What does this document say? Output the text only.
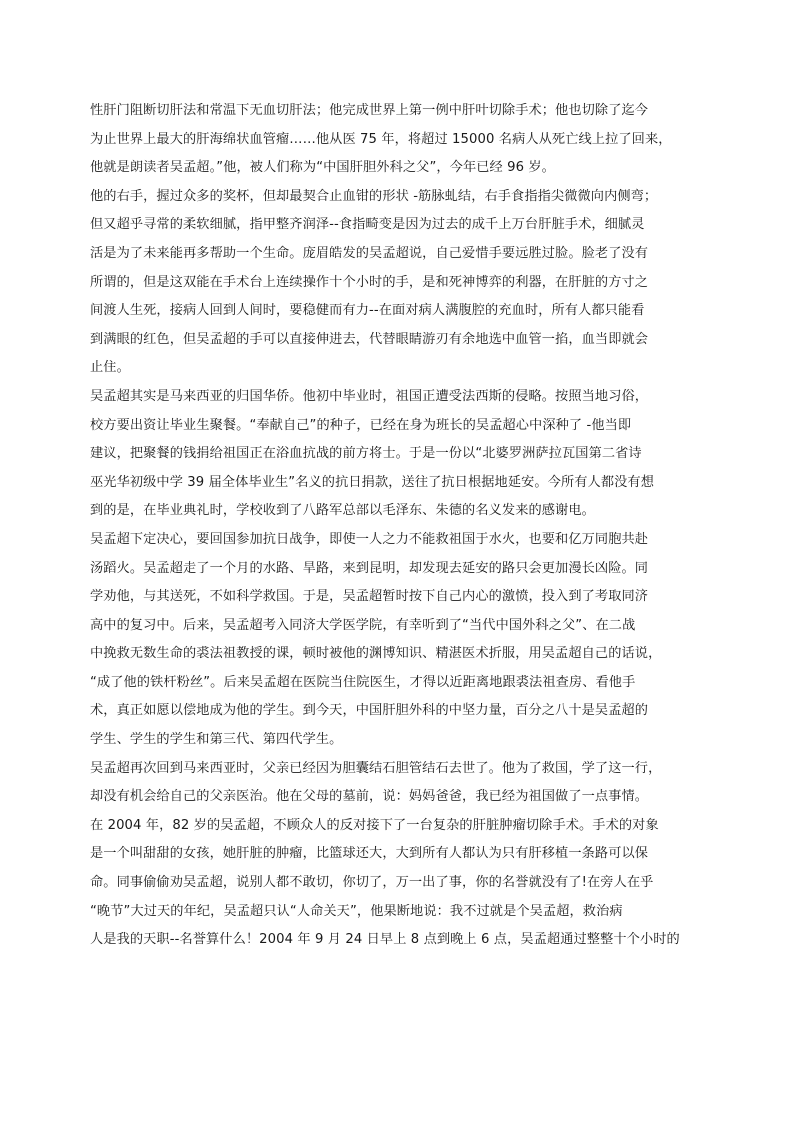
性肝门阻断切肝法和常温下无血切肝法；他完成世界上第一例中肝叶切除手术；他也切除了迄今
为止世界上最大的肝海绵状血管瘤……他从医 75 年，将超过 15000 名病人从死亡线上拉了回来，
他就是朗读者吴孟超。”他，被人们称为“中国肝胆外科之父”，今年已经 96 岁。
他的右手，握过众多的奖杯，但却最契合止血钳的形状 -筋脉虬结，右手食指指尖微微向内侧弯；
但又超乎寻常的柔软细腻，指甲整齐润泽--食指畸变是因为过去的成千上万台肝脏手术，细腻灵
活是为了未来能再多帮助一个生命。庞眉皓发的吴孟超说，自己爱惜手要远胜过脸。脸老了没有
所谓的，但是这双能在手术台上连续操作十个小时的手，是和死神博弈的利器，在肝脏的方寸之
间渡人生死，接病人回到人间时，要稳健而有力--在面对病人满腹腔的充血时，所有人都只能看
到满眼的红色，但吴孟超的手可以直接伸进去，代替眼睛游刃有余地选中血管一掐，血当即就会
止住。
吴孟超其实是马来西亚的归国华侨。他初中毕业时，祖国正遭受法西斯的侵略。按照当地习俗，
校方要出资让毕业生聚餐。“奉献自己”的种子，已经在身为班长的吴孟超心中深种了 -他当即
建议，把聚餐的钱捐给祖国正在浴血抗战的前方将士。于是一份以“北婆罗洲萨拉瓦国第二省诗
巫光华初级中学 39 届全体毕业生”名义的抗日捐款，送往了抗日根据地延安。今所有人都没有想
到的是，在毕业典礼时，学校收到了八路军总部以毛泽东、朱德的名义发来的感谢电。
吴孟超下定决心，要回国参加抗日战争，即使一人之力不能救祖国于水火，也要和亿万同胞共赴
汤蹈火。吴孟超走了一个月的水路、旱路，来到昆明，却发现去延安的路只会更加漫长凶险。同
学劝他，与其送死，不如科学救国。于是，吴孟超暂时按下自己内心的激愤，投入到了考取同济
高中的复习中。后来，吴孟超考入同济大学医学院，有幸听到了“当代中国外科之父”、在二战
中挽救无数生命的裘法祖教授的课，顿时被他的渊博知识、精湛医术折服，用吴孟超自己的话说，
“成了他的铁杆粉丝”。后来吴孟超在医院当住院医生，才得以近距离地跟裘法祖查房、看他手
术，真正如愿以偿地成为他的学生。到今天，中国肝胆外科的中坚力量，百分之八十是吴孟超的
学生、学生的学生和第三代、第四代学生。
吴孟超再次回到马来西亚时，父亲已经因为胆囊结石胆管结石去世了。他为了救国，学了这一行，
却没有机会给自己的父亲医治。他在父母的墓前，说：妈妈爸爸，我已经为祖国做了一点事情。
在 2004 年，82 岁的吴孟超，不顾众人的反对接下了一台复杂的肝脏肿瘤切除手术。手术的对象
是一个叫甜甜的女孩，她肝脏的肿瘤，比篮球还大，大到所有人都认为只有肝移植一条路可以保
命。同事偷偷劝吴孟超，说别人都不敢切，你切了，万一出了事，你的名誉就没有了!在旁人在乎
“晚节”大过天的年纪，吴孟超只认“人命关天”，他果断地说：我不过就是个吴孟超，救治病
人是我的天职--名誉算什么！2004 年 9 月 24 日早上 8 点到晚上 6 点，吴孟超通过整整十个小时的
